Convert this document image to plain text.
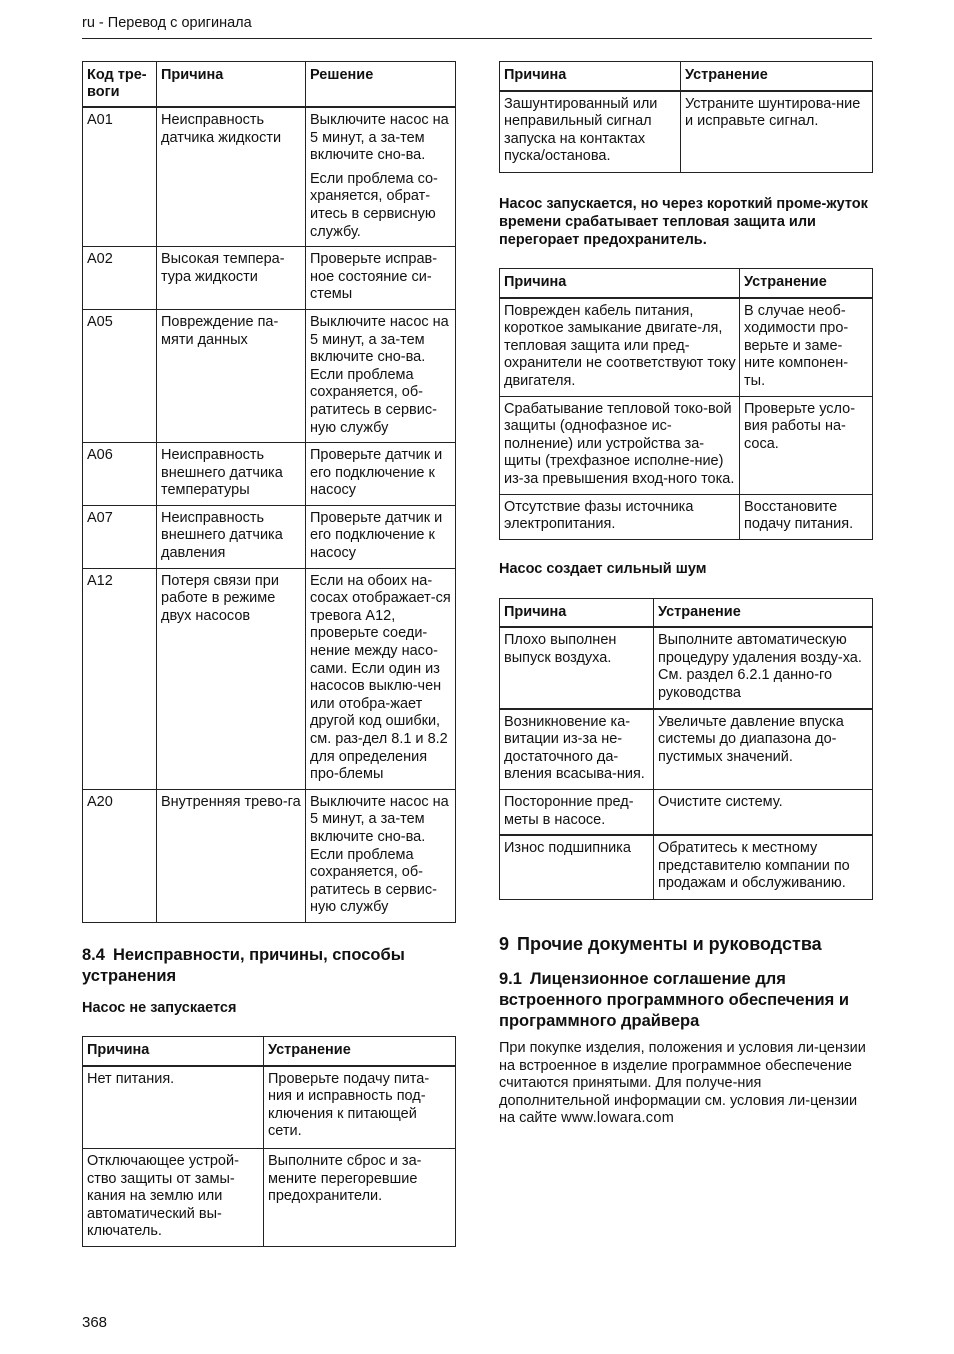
ru - Перевод с оригинала
Код тре-
воги	Причина	Решение
A01	Неисправность датчика жидкости	Выключите насос на 5 минут, а за-тем включите сно-ва.

Если проблема со-храняется, обрат-итесь в сервисную службу.

A02	Высокая темпера-тура жидкости	Проверьте исправ-ное состояние си-стемы
A05	Повреждение па-мяти данных	Выключите насос на 5 минут, а за-тем включите сно-ва. Если проблема сохраняется, об-ратитесь в сервис-ную службу
A06	Неисправность внешнего датчика температуры	Проверьте датчик и его подключение к насосу
A07	Неисправность внешнего датчика давления	Проверьте датчик и его подключение к насосу
A12	Потеря связи при работе в режиме двух насосов	Если на обоих на-сосах отображает-ся тревога A12, проверьте соеди-нение между насо-сами. Если один из насосов выклю-чен или отобра-жает другой код ошибки, см. раз-дел 8.1 и 8.2 для определения про-блемы
A20	Внутренняя трево-га	Выключите насос на 5 минут, а за-тем включите сно-ва. Если проблема сохраняется, об-ратитесь в сервис-ную службу
8.4 Неисправности, причины, способы устранения
Насос не запускается
Причина	Устранение
Нет питания.	Проверьте подачу пита-ния и исправность под-ключения к питающей сети.
Отключающее устрой-ство защиты от замы-кания на землю или автоматический вы-ключатель.	Выполните сброс и за-мените перегоревшие предохранители.
Причина	Устранение
Зашунтированный или неправильный сигнал запуска на контактах пуска/останова.	Устраните шунтирова-ние и исправьте сигнал.
Насос запускается, но через короткий проме-жуток времени срабатывает тепловая защита или перегорает предохранитель.
Причина	Устранение
Поврежден кабель питания, короткое замыкание двигате-ля, тепловая защита или пред-охранители не соответствуют току двигателя.	В случае необ-ходимости про-верьте и заме-ните компонен-ты.
Срабатывание тепловой токо-вой защиты (однофазное ис-полнение) или устройства за-щиты (трехфазное исполне-ние) из-за превышения вход-ного тока.	Проверьте усло-вия работы на-соса.
Отсутствие фазы источника электропитания.	Восстановите подачу питания.
Насос создает сильный шум
Причина	Устранение
Плохо выполнен выпуск воздуха.	Выполните автоматическую процедуру удаления возду-ха. См. раздел 6.2.1 данно-го руководства
Возникновение ка-витации из-за не-достаточного да-вления всасыва-ния.	Увеличьте давление впуска системы до диапазона до-пустимых значений.
Посторонние пред-меты в насосе.	Очистите систему.
Износ подшипника	Обратитесь к местному представителю компании по продажам и обслуживанию.
9 Прочие документы и руководства
9.1 Лицензионное соглашение для встроенного программного обеспечения и программного драйвера

При покупке изделия, положения и условия ли-цензии на встроенное в изделие программное обеспечение считаются принятыми. Для получе-ния дополнительной информации см. условия ли-цензии на сайте www.lowara.com

368
